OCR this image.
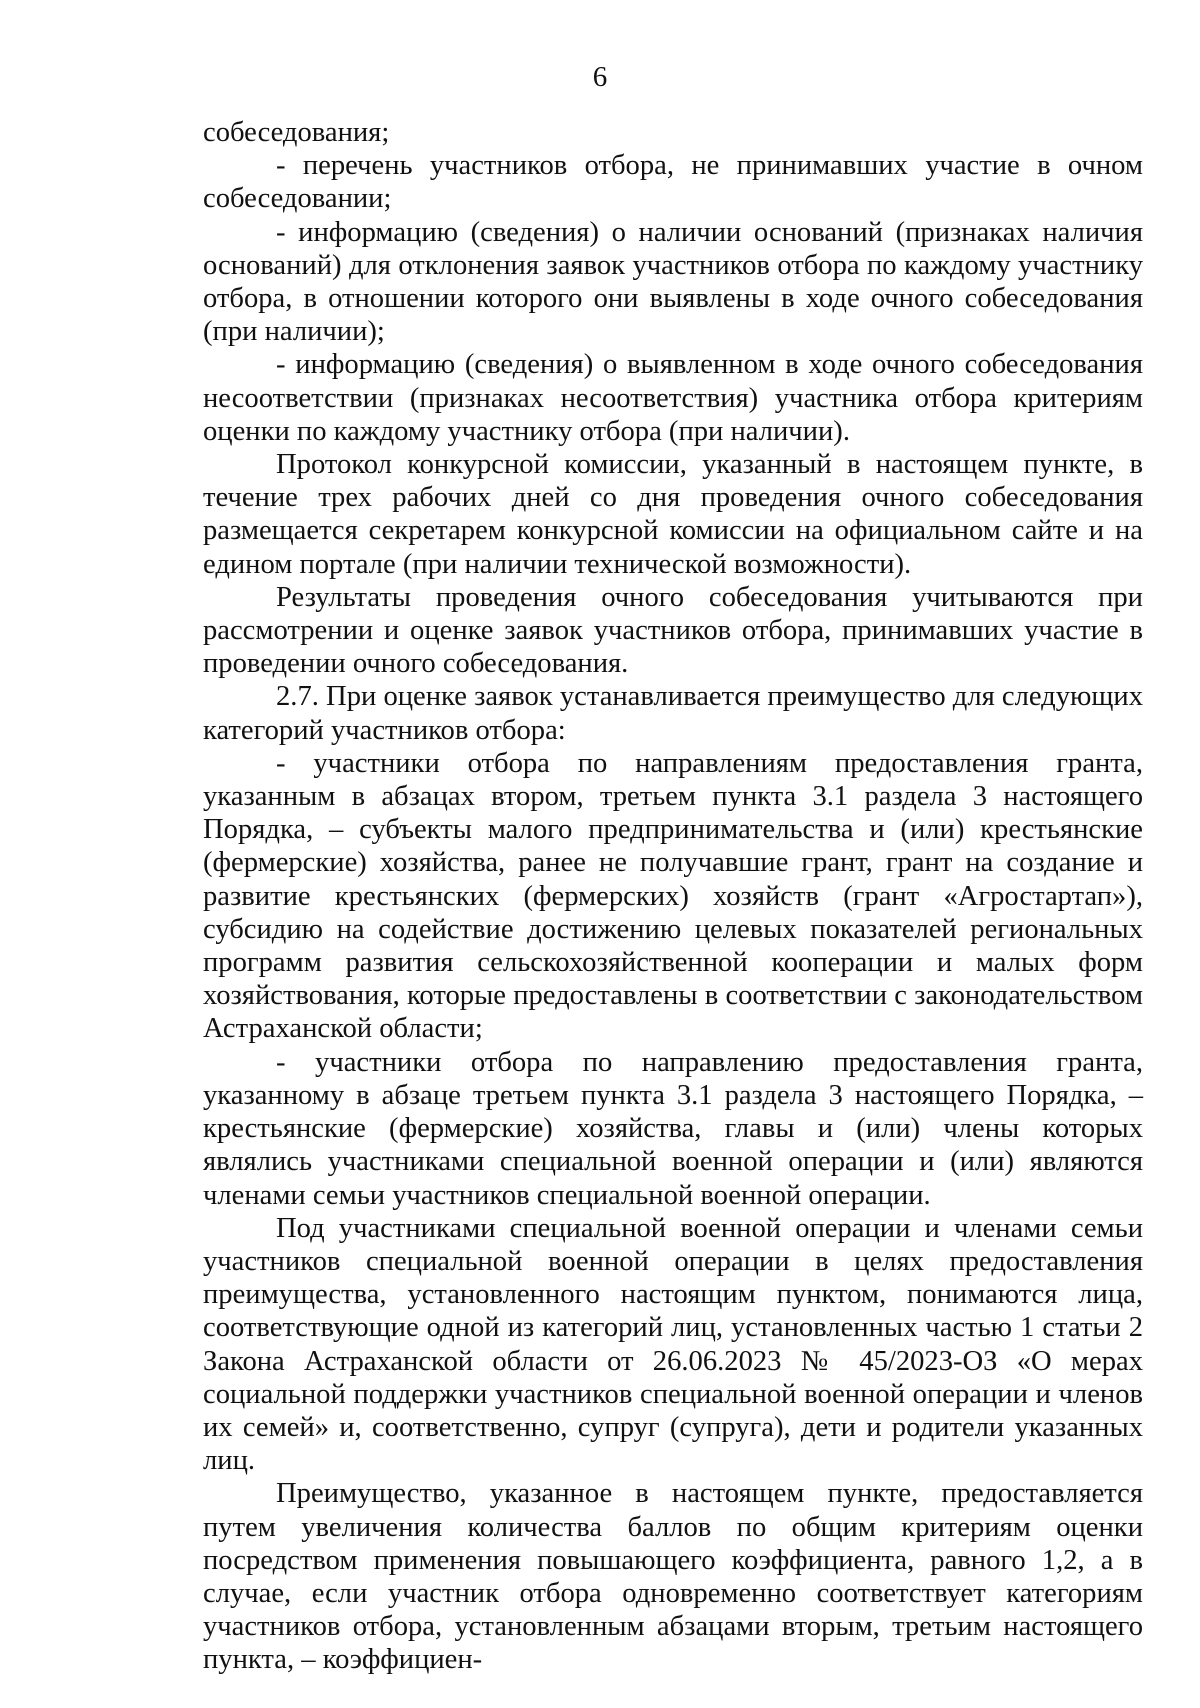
6

собеседования;

- перечень участников отбора, не принимавших участие в очном собеседовании;

- информацию (сведения) о наличии оснований (признаках наличия оснований) для отклонения заявок участников отбора по каждому участнику отбора, в отношении которого они выявлены в ходе очного собеседования (при наличии);

- информацию (сведения) о выявленном в ходе очного собеседования несоответствии (признаках несоответствия) участника отбора критериям оценки по каждому участнику отбора (при наличии).

Протокол конкурсной комиссии, указанный в настоящем пункте, в течение трех рабочих дней со дня проведения очного собеседования размещается секретарем конкурсной комиссии на официальном сайте и на едином портале (при наличии технической возможности).

Результаты проведения очного собеседования учитываются при рассмотрении и оценке заявок участников отбора, принимавших участие в проведении очного собеседования.

2.7. При оценке заявок устанавливается преимущество для следующих категорий участников отбора:

- участники отбора по направлениям предоставления гранта, указанным в абзацах втором, третьем пункта 3.1 раздела 3 настоящего Порядка, – субъекты малого предпринимательства и (или) крестьянские (фермерские) хозяйства, ранее не получавшие грант, грант на создание и развитие крестьянских (фермерских) хозяйств (грант «Агростартап»), субсидию на содействие достижению целевых показателей региональных программ развития сельскохозяйственной кооперации и малых форм хозяйствования, которые предоставлены в соответствии с законодательством Астраханской области;

- участники отбора по направлению предоставления гранта, указанному в абзаце третьем пункта 3.1 раздела 3 настоящего Порядка, – крестьянские (фермерские) хозяйства, главы и (или) члены которых являлись участниками специальной военной операции и (или) являются членами семьи участников специальной военной операции.

Под участниками специальной военной операции и членами семьи участников специальной военной операции в целях предоставления преимущества, установленного настоящим пунктом, понимаются лица, соответствующие одной из категорий лиц, установленных частью 1 статьи 2 Закона Астраханской области от 26.06.2023 № 45/2023-ОЗ «О мерах социальной поддержки участников специальной военной операции и членов их семей» и, соответственно, супруг (супруга), дети и родители указанных лиц.

Преимущество, указанное в настоящем пункте, предоставляется путем увеличения количества баллов по общим критериям оценки посредством применения повышающего коэффициента, равного 1,2, а в случае, если участник отбора одновременно соответствует категориям участников отбора, установленным абзацами вторым, третьим настоящего пункта, – коэффициен-
